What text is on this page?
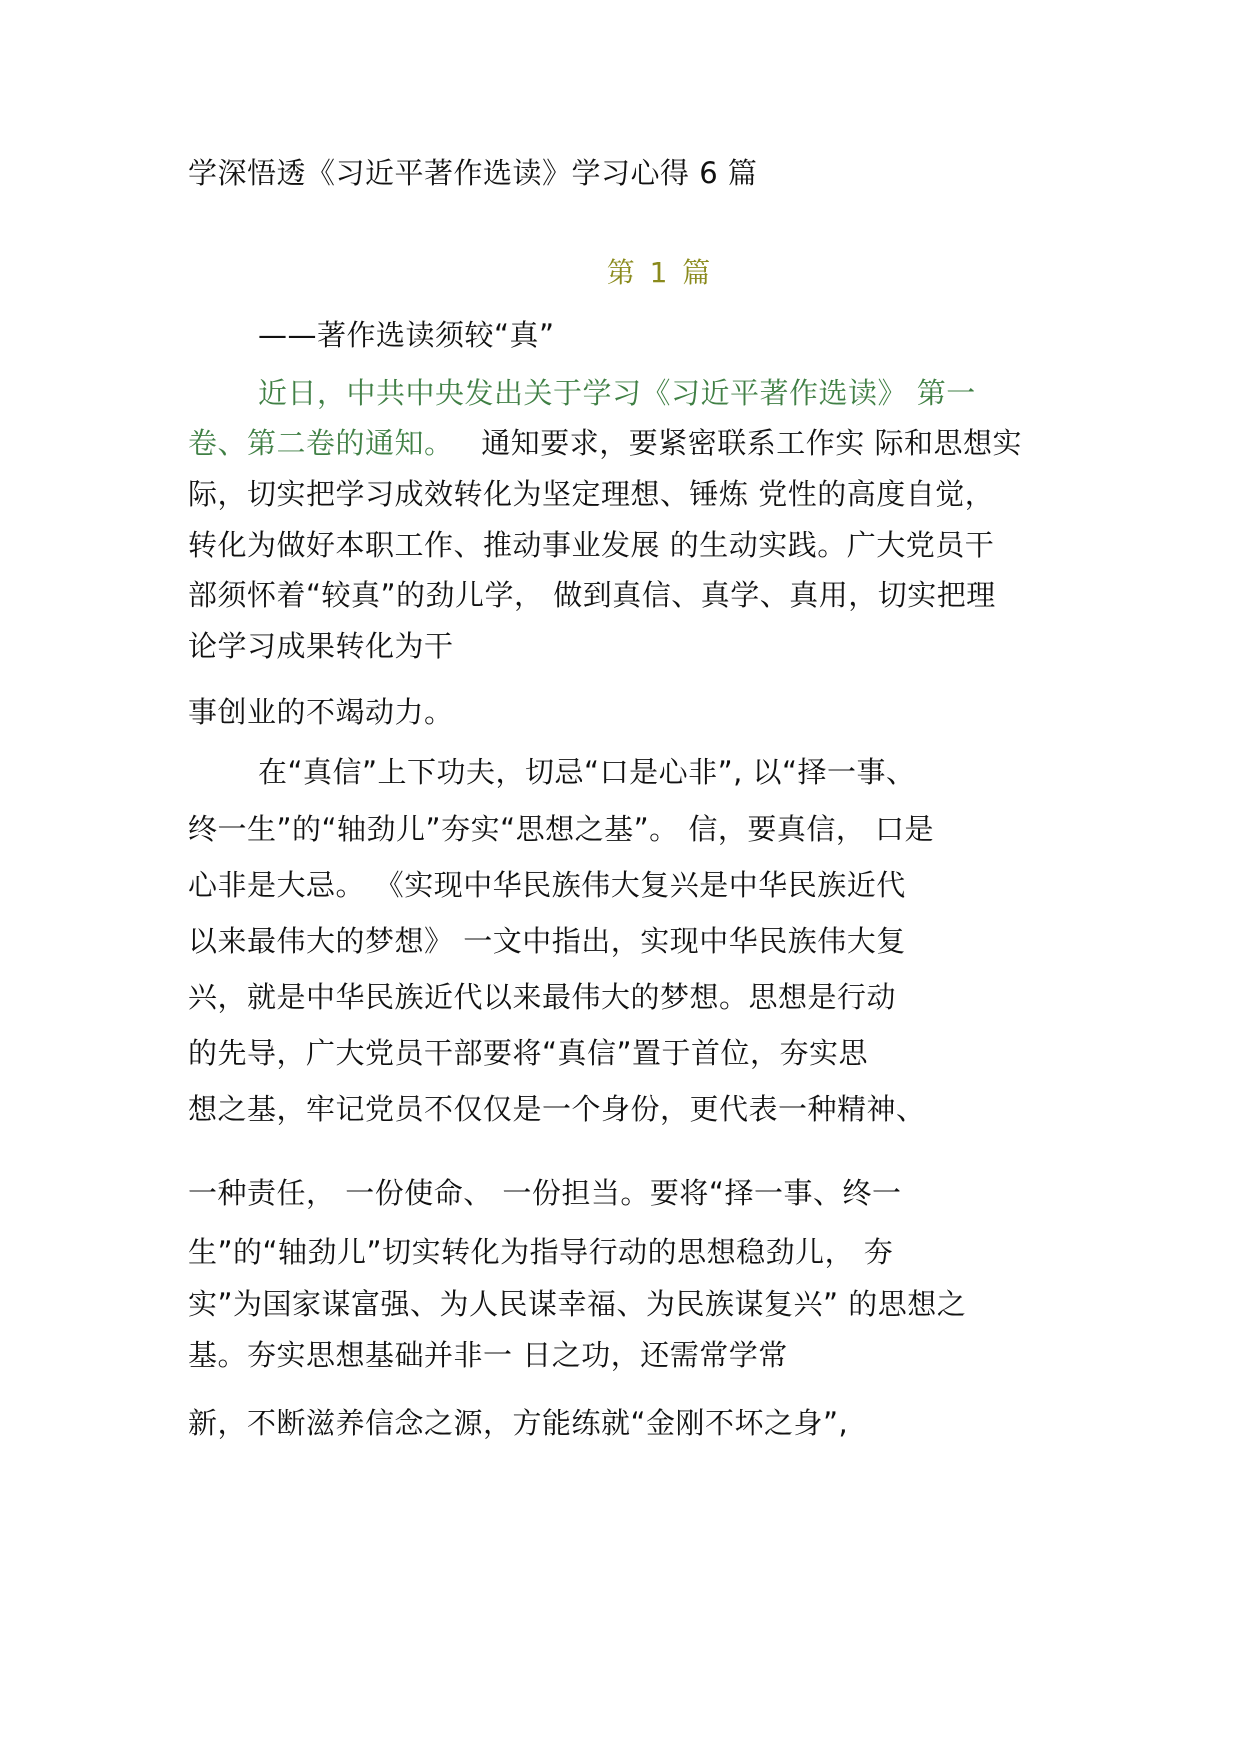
学深悟透《习近平著作选读》学习心得 6 篇
第 1 篇
——著作选读须较“真”
近日，中共中央发出关于学习《习近平著作选读》 第一
卷、第二卷的通知。 通知要求，要紧密联系工作实 际和思想实
际，切实把学习成效转化为坚定理想、锤炼 党性的高度自觉，
转化为做好本职工作、推动事业发展 的生动实践。广大党员干
部须怀着“较真”的劲儿学， 做到真信、真学、真用，切实把理
论学习成果转化为干
事创业的不竭动力。
在“真信”上下功夫，切忌“口是心非”, 以“择一事、
终一生”的“轴劲儿”夯实“思想之基”。 信，要真信， 口是
心非是大忌。 《实现中华民族伟大复兴是中华民族近代
以来最伟大的梦想》 一文中指出，实现中华民族伟大复
兴，就是中华民族近代以来最伟大的梦想。思想是行动
的先导，广大党员干部要将“真信”置于首位，夯实思
想之基，牢记党员不仅仅是一个身份，更代表一种精神、
一种责任， 一份使命、 一份担当。要将“择一事、终一
生”的“轴劲儿”切实转化为指导行动的思想稳劲儿， 夯
实”为国家谋富强、为人民谋幸福、为民族谋复兴” 的思想之
基。夯实思想基础并非一 日之功，还需常学常
新，不断滋养信念之源，方能练就“金刚不坏之身”,
